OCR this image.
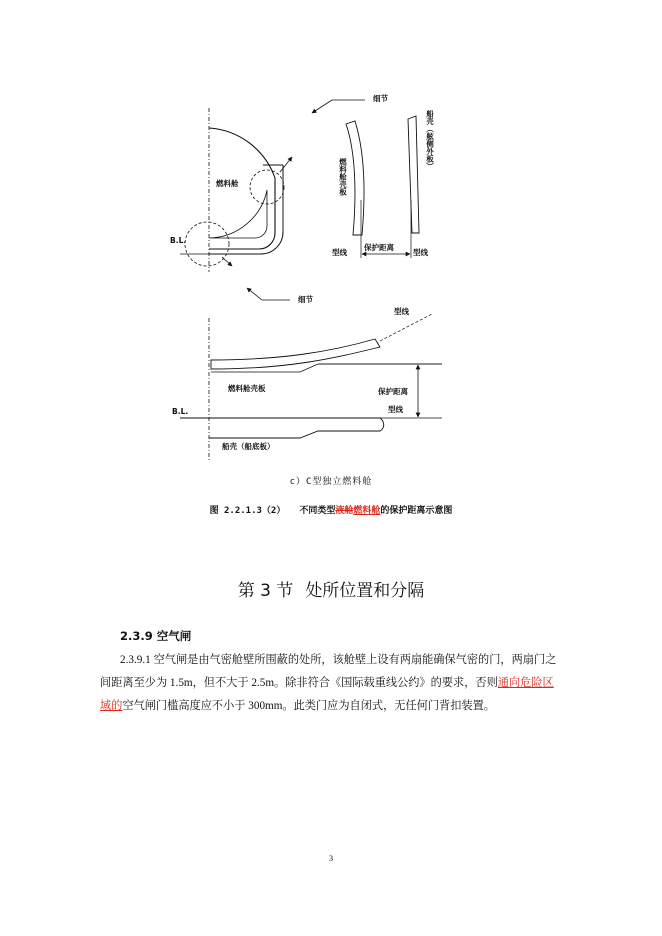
燃料舱
B.L.
细节
燃料舱壳板
船壳（舷侧外板）
型线
保护距离
型线
细节
型线
燃料舱壳板	保护距离
型线
B.L.
船壳（船底板）
c）C型独立燃料舱
图 2.2.1.3（2） 不同类型液舱燃料舱的保护距离示意图
第 3 节 处所位置和分隔
2.3.9 空气闸
2.3.9.1 空气闸是由气密舱壁所围蔽的处所，该舱壁上设有两扇能确保气密的门，两扇门之间距离至少为 1.5m，但不大于 2.5m。除非符合《国际载重线公约》的要求，否则通向危险区域的空气闸门槛高度应不小于 300mm。此类门应为自闭式，无任何门背扣装置。
3
